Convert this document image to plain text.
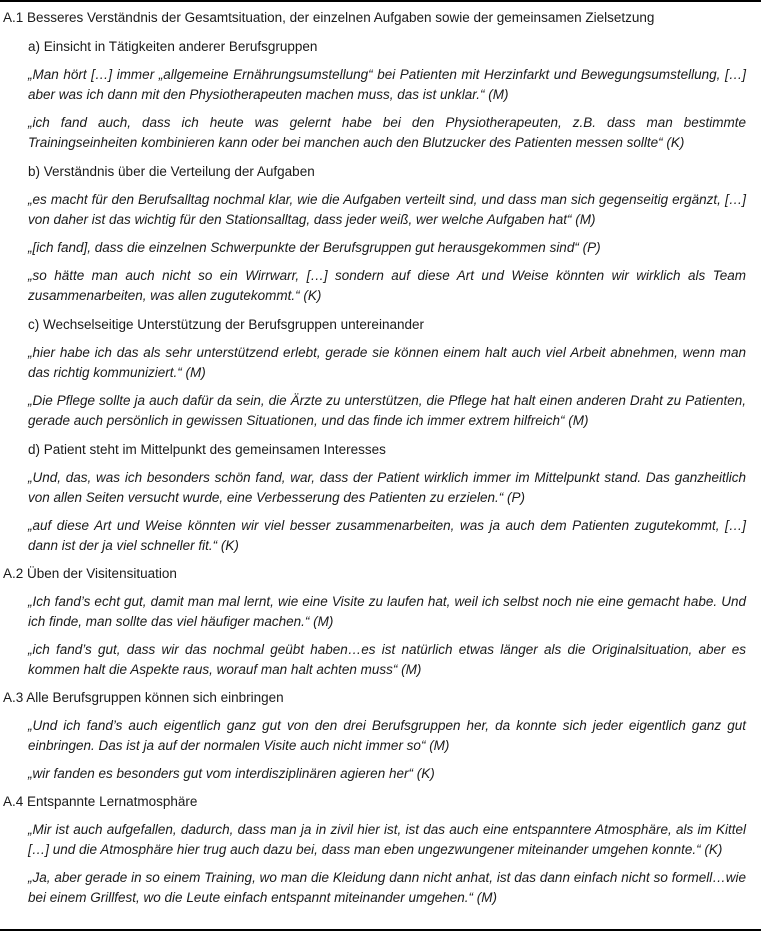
A.1 Besseres Verständnis der Gesamtsituation, der einzelnen Aufgaben sowie der gemeinsamen Zielsetzung
a) Einsicht in Tätigkeiten anderer Berufsgruppen

„Man hört […] immer „allgemeine Ernährungsumstellung“ bei Patienten mit Herzinfarkt und Bewegungsumstellung, […] aber was ich dann mit den Physiotherapeuten machen muss, das ist unklar.“ (M)

„ich fand auch, dass ich heute was gelernt habe bei den Physiotherapeuten, z.B. dass man bestimmte Trainingseinheiten kombinieren kann oder bei manchen auch den Blutzucker des Patienten messen sollte“ (K)

b) Verständnis über die Verteilung der Aufgaben

„es macht für den Berufsalltag nochmal klar, wie die Aufgaben verteilt sind, und dass man sich gegenseitig ergänzt, […] von daher ist das wichtig für den Stationsalltag, dass jeder weiß, wer welche Aufgaben hat“ (M)

„[ich fand], dass die einzelnen Schwerpunkte der Berufsgruppen gut herausgekommen sind“ (P)

„so hätte man auch nicht so ein Wirrwarr, […] sondern auf diese Art und Weise könnten wir wirklich als Team zusammenarbeiten, was allen zugutekommt.“ (K)

c) Wechselseitige Unterstützung der Berufsgruppen untereinander

„hier habe ich das als sehr unterstützend erlebt, gerade sie können einem halt auch viel Arbeit abnehmen, wenn man das richtig kommuniziert.“ (M)

„Die Pflege sollte ja auch dafür da sein, die Ärzte zu unterstützen, die Pflege hat halt einen anderen Draht zu Patienten, gerade auch persönlich in gewissen Situationen, und das finde ich immer extrem hilfreich“ (M)

d) Patient steht im Mittelpunkt des gemeinsamen Interesses

„Und, das, was ich besonders schön fand, war, dass der Patient wirklich immer im Mittelpunkt stand. Das ganzheitlich von allen Seiten versucht wurde, eine Verbesserung des Patienten zu erzielen.“ (P)

„auf diese Art und Weise könnten wir viel besser zusammenarbeiten, was ja auch dem Patienten zugutekommt, […] dann ist der ja viel schneller fit.“ (K)

A.2 Üben der Visitensituation

„Ich fand’s echt gut, damit man mal lernt, wie eine Visite zu laufen hat, weil ich selbst noch nie eine gemacht habe. Und ich finde, man sollte das viel häufiger machen.“ (M)

„ich fand’s gut, dass wir das nochmal geübt haben…es ist natürlich etwas länger als die Originalsituation, aber es kommen halt die Aspekte raus, worauf man halt achten muss“ (M)

A.3 Alle Berufsgruppen können sich einbringen

„Und ich fand’s auch eigentlich ganz gut von den drei Berufsgruppen her, da konnte sich jeder eigentlich ganz gut einbringen. Das ist ja auf der normalen Visite auch nicht immer so“ (M)

„wir fanden es besonders gut vom interdisziplinären agieren her“ (K)

A.4 Entspannte Lernatmosphäre

„Mir ist auch aufgefallen, dadurch, dass man ja in zivil hier ist, ist das auch eine entspanntere Atmosphäre, als im Kittel […] und die Atmosphäre hier trug auch dazu bei, dass man eben ungezwungener miteinander umgehen konnte.“ (K)

„Ja, aber gerade in so einem Training, wo man die Kleidung dann nicht anhat, ist das dann einfach nicht so formell…wie bei einem Grillfest, wo die Leute einfach entspannt miteinander umgehen.“ (M)
